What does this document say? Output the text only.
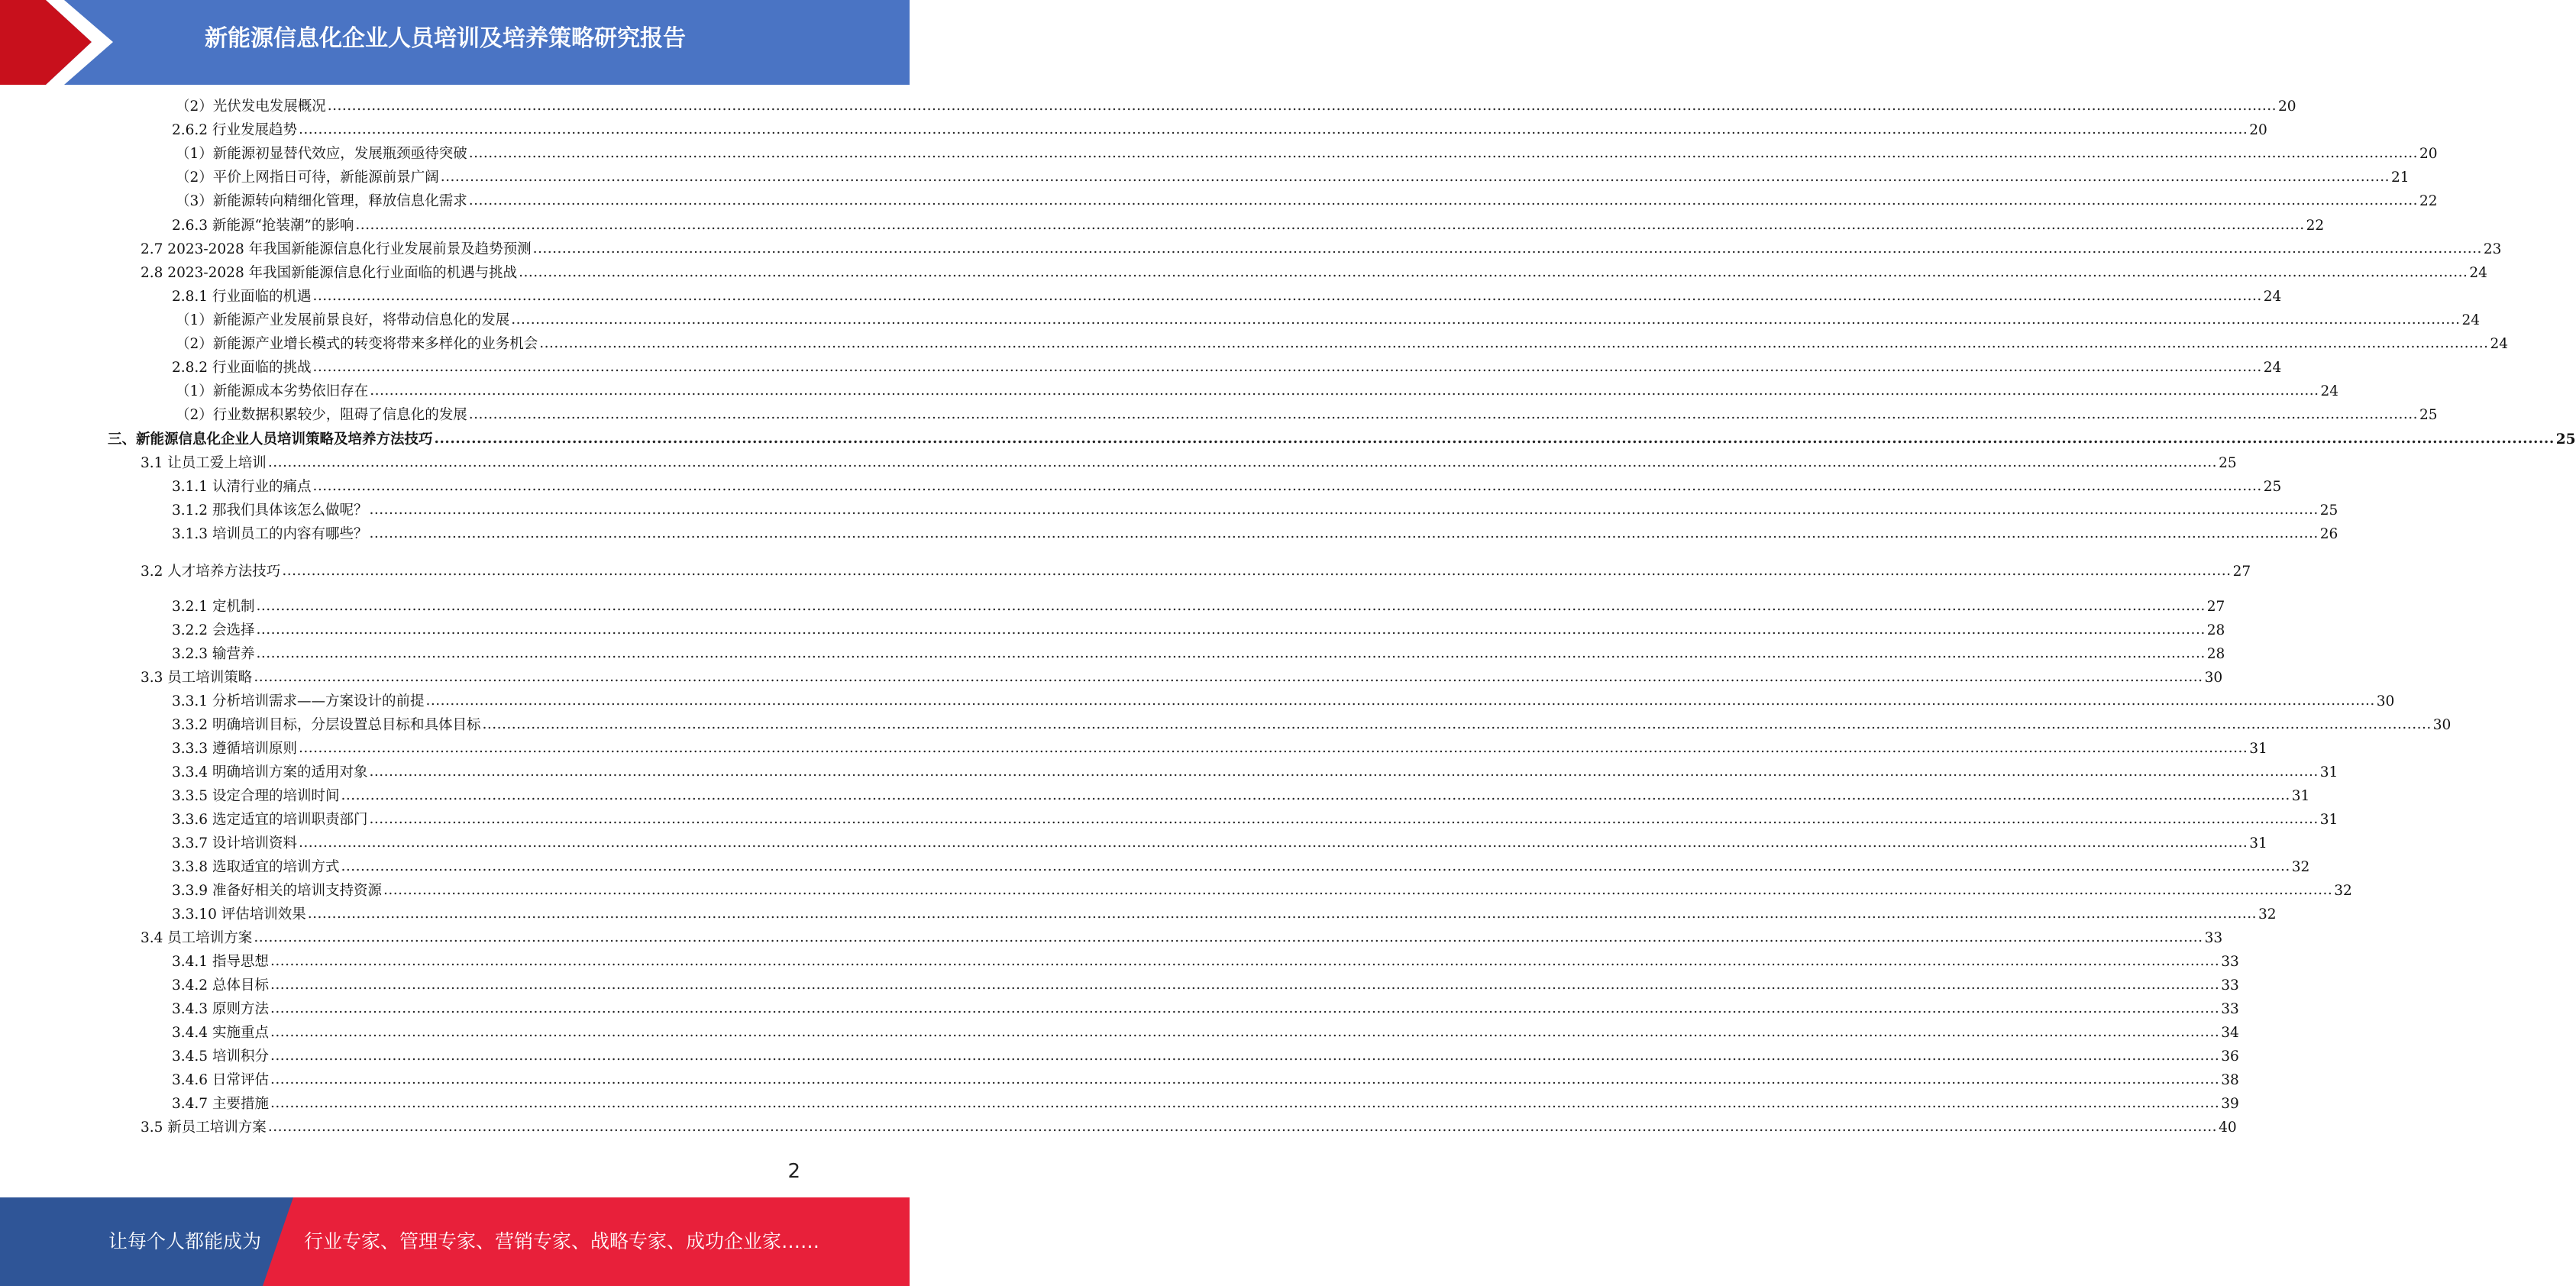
新能源信息化企业人员培训及培养策略研究报告
（2）光伏发电发展概况 ................................................................................................................................................................................................................................................................................................................................................................................................................ 20
2.6.2 行业发展趋势 ................................................................................................................................................................................................................................................................................................................................................................................................................ 20
（1）新能源初显替代效应，发展瓶颈亟待突破 ................................................................................................................................................................................................................................................................................................................................................................................................................ 20
（2）平价上网指日可待，新能源前景广阔 ................................................................................................................................................................................................................................................................................................................................................................................................................ 21
（3）新能源转向精细化管理，释放信息化需求 ................................................................................................................................................................................................................................................................................................................................................................................................................ 22
2.6.3 新能源“抢装潮”的影响 ................................................................................................................................................................................................................................................................................................................................................................................................................ 22
2.7 2023-2028 年我国新能源信息化行业发展前景及趋势预测 ................................................................................................................................................................................................................................................................................................................................................................................................................ 23
2.8 2023-2028 年我国新能源信息化行业面临的机遇与挑战 ................................................................................................................................................................................................................................................................................................................................................................................................................ 24
2.8.1 行业面临的机遇 ................................................................................................................................................................................................................................................................................................................................................................................................................ 24
（1）新能源产业发展前景良好，将带动信息化的发展 ................................................................................................................................................................................................................................................................................................................................................................................................................ 24
（2）新能源产业增长模式的转变将带来多样化的业务机会 ................................................................................................................................................................................................................................................................................................................................................................................................................ 24
2.8.2 行业面临的挑战 ................................................................................................................................................................................................................................................................................................................................................................................................................ 24
（1）新能源成本劣势依旧存在 ................................................................................................................................................................................................................................................................................................................................................................................................................ 24
（2）行业数据积累较少，阻碍了信息化的发展 ................................................................................................................................................................................................................................................................................................................................................................................................................ 25
三、新能源信息化企业人员培训策略及培养方法技巧 ................................................................................................................................................................................................................................................................................................................................................................................................................ 25
3.1 让员工爱上培训 ................................................................................................................................................................................................................................................................................................................................................................................................................ 25
3.1.1 认清行业的痛点 ................................................................................................................................................................................................................................................................................................................................................................................................................ 25
3.1.2 那我们具体该怎么做呢？ ................................................................................................................................................................................................................................................................................................................................................................................................................ 25
3.1.3 培训员工的内容有哪些？ ................................................................................................................................................................................................................................................................................................................................................................................................................ 26
3.2 人才培养方法技巧 ................................................................................................................................................................................................................................................................................................................................................................................................................ 27
3.2.1 定机制 ................................................................................................................................................................................................................................................................................................................................................................................................................ 27
3.2.2 会选择 ................................................................................................................................................................................................................................................................................................................................................................................................................ 28
3.2.3 输营养 ................................................................................................................................................................................................................................................................................................................................................................................................................ 28
3.3 员工培训策略 ................................................................................................................................................................................................................................................................................................................................................................................................................ 30
3.3.1 分析培训需求——方案设计的前提 ................................................................................................................................................................................................................................................................................................................................................................................................................ 30
3.3.2 明确培训目标，分层设置总目标和具体目标 ................................................................................................................................................................................................................................................................................................................................................................................................................ 30
3.3.3 遵循培训原则 ................................................................................................................................................................................................................................................................................................................................................................................................................ 31
3.3.4 明确培训方案的适用对象 ................................................................................................................................................................................................................................................................................................................................................................................................................ 31
3.3.5 设定合理的培训时间 ................................................................................................................................................................................................................................................................................................................................................................................................................ 31
3.3.6 选定适宜的培训职责部门 ................................................................................................................................................................................................................................................................................................................................................................................................................ 31
3.3.7 设计培训资料 ................................................................................................................................................................................................................................................................................................................................................................................................................ 31
3.3.8 选取适宜的培训方式 ................................................................................................................................................................................................................................................................................................................................................................................................................ 32
3.3.9 准备好相关的培训支持资源 ................................................................................................................................................................................................................................................................................................................................................................................................................ 32
3.3.10 评估培训效果 ................................................................................................................................................................................................................................................................................................................................................................................................................ 32
3.4 员工培训方案 ................................................................................................................................................................................................................................................................................................................................................................................................................ 33
3.4.1 指导思想 ................................................................................................................................................................................................................................................................................................................................................................................................................ 33
3.4.2 总体目标 ................................................................................................................................................................................................................................................................................................................................................................................................................ 33
3.4.3 原则方法 ................................................................................................................................................................................................................................................................................................................................................................................................................ 33
3.4.4 实施重点 ................................................................................................................................................................................................................................................................................................................................................................................................................ 34
3.4.5 培训积分 ................................................................................................................................................................................................................................................................................................................................................................................................................ 36
3.4.6 日常评估 ................................................................................................................................................................................................................................................................................................................................................................................................................ 38
3.4.7 主要措施 ................................................................................................................................................................................................................................................................................................................................................................................................................ 39
3.5 新员工培训方案 ................................................................................................................................................................................................................................................................................................................................................................................................................ 40
2
让每个人都能成为 行业专家、管理专家、营销专家、战略专家、成功企业家……
